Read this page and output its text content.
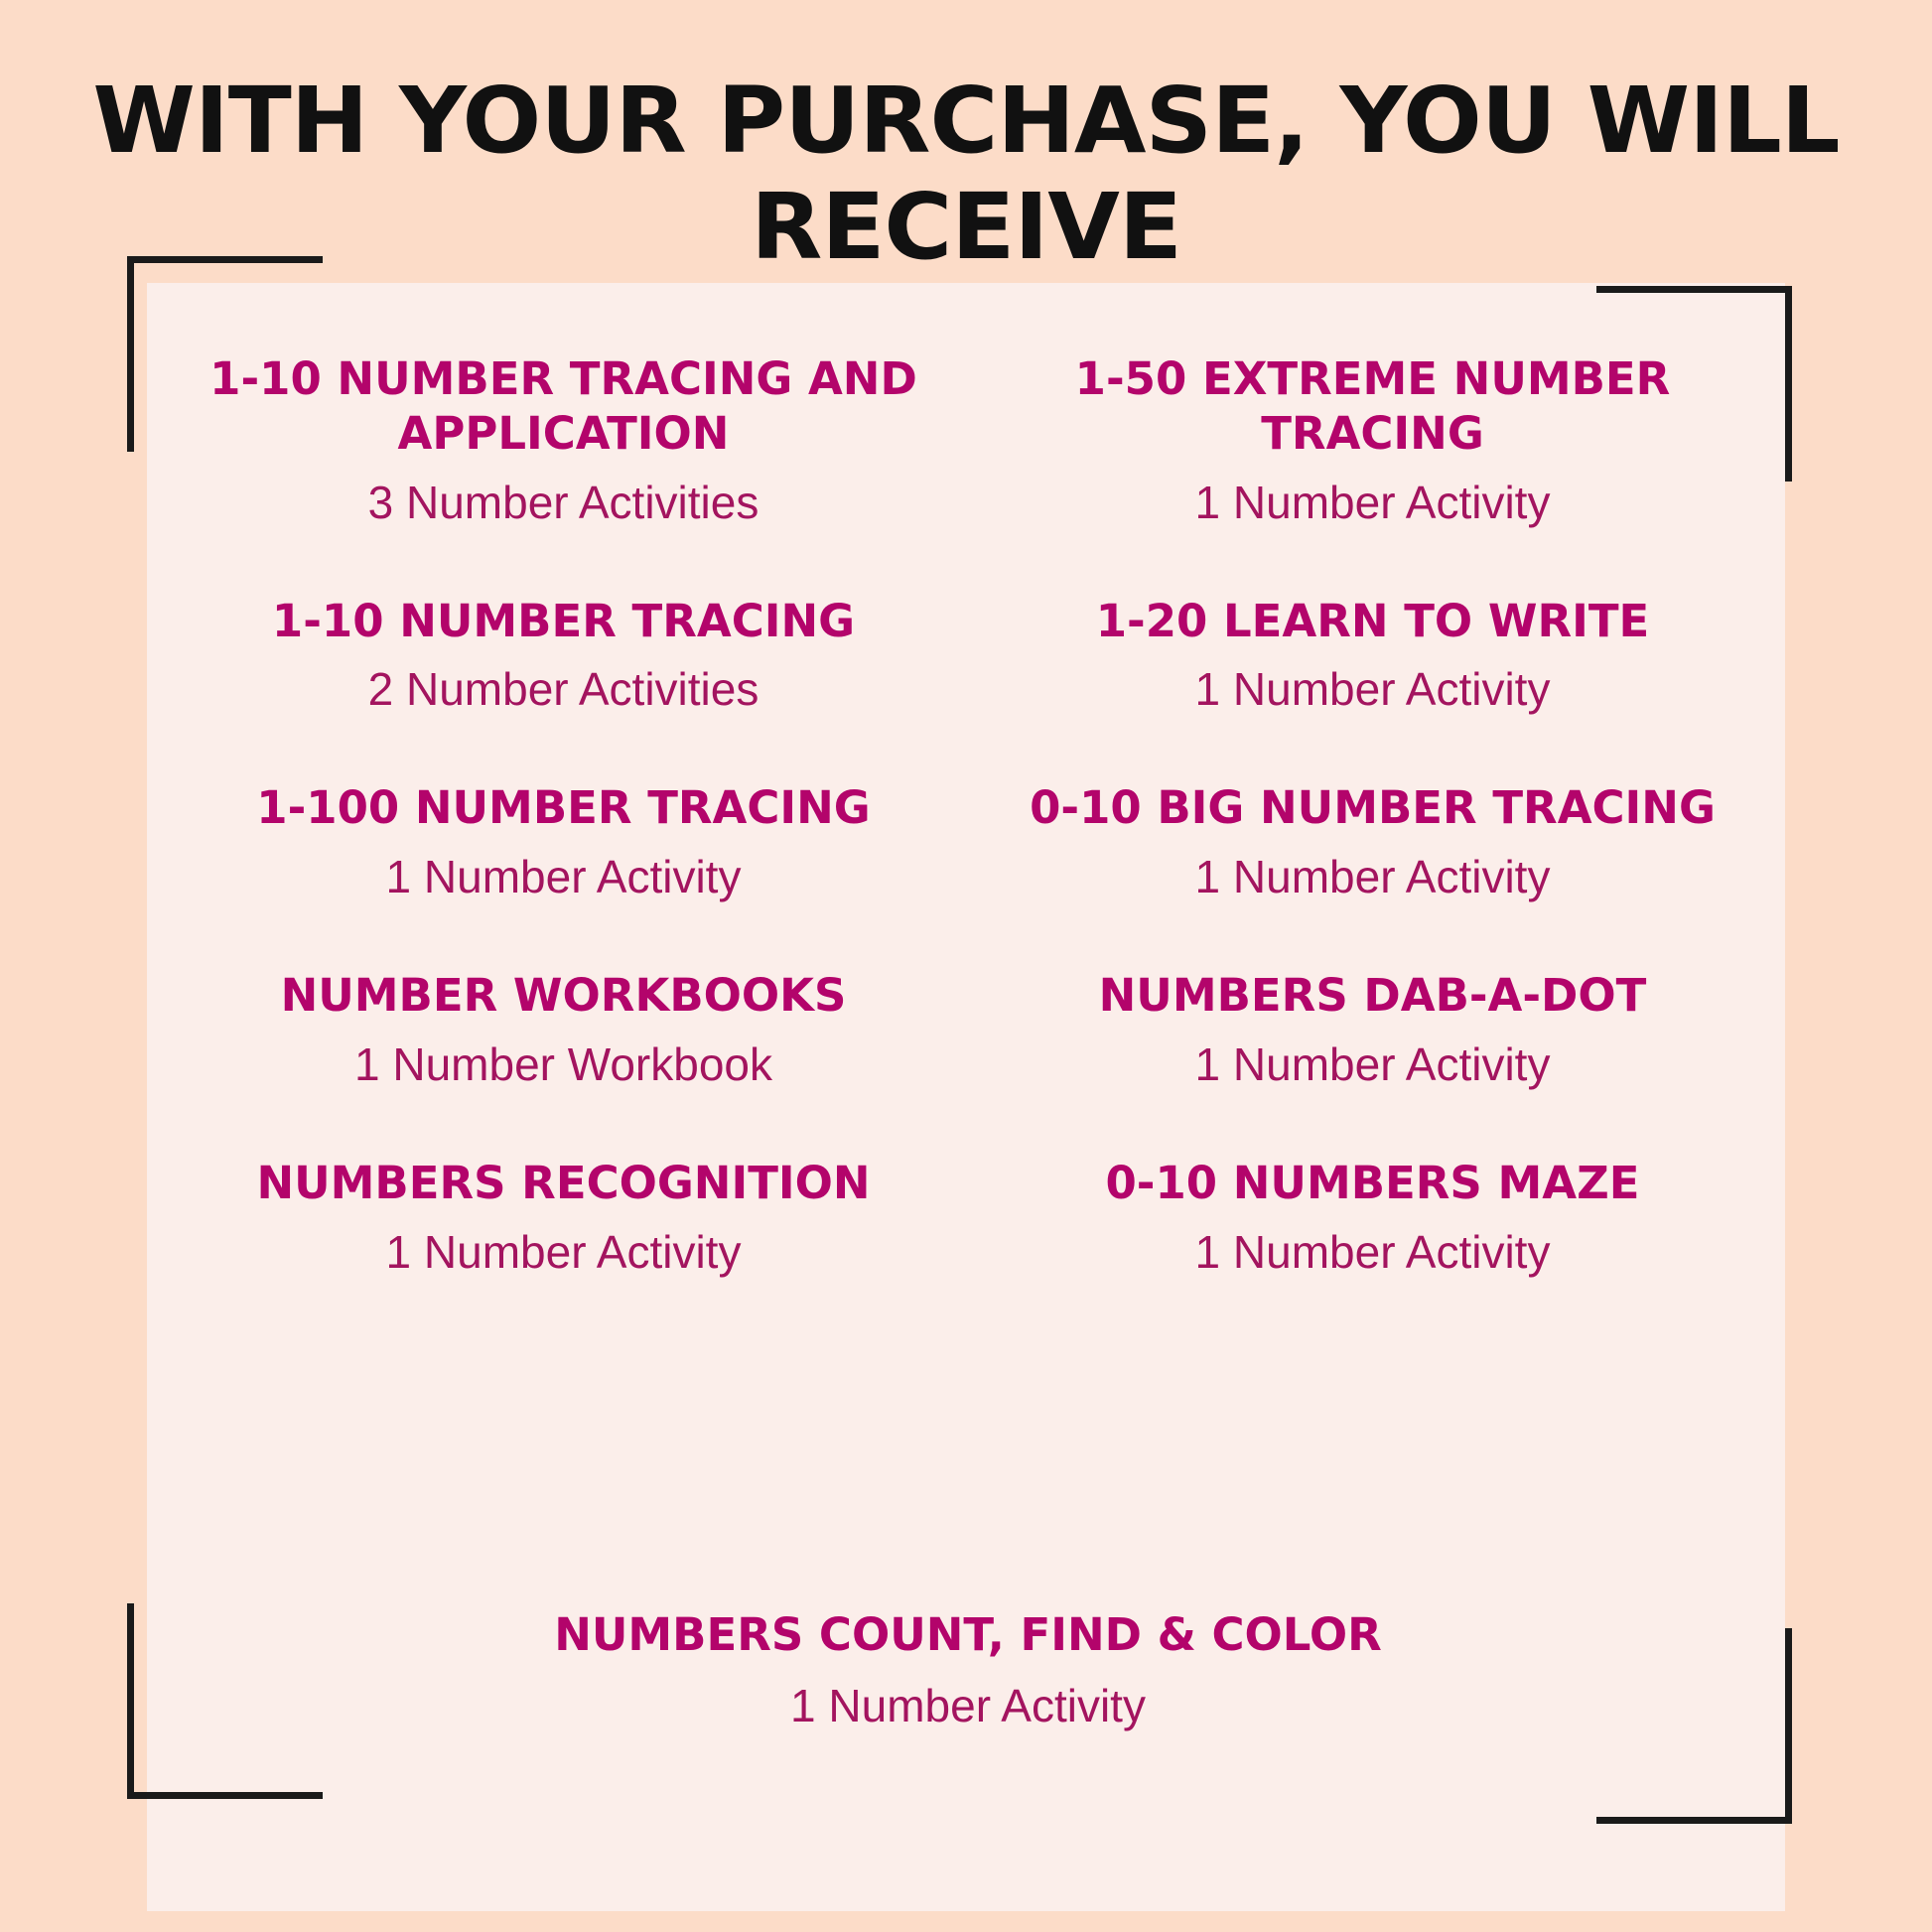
WITH YOUR PURCHASE, YOU WILL RECEIVE
1-10 NUMBER TRACING AND APPLICATION
3 Number Activities
1-50 EXTREME NUMBER TRACING
1 Number Activity
1-10 NUMBER TRACING
2 Number Activities
1-20 LEARN TO WRITE
1 Number Activity
1-100 NUMBER TRACING
1 Number Activity
0-10 BIG NUMBER TRACING
1 Number Activity
NUMBER WORKBOOKS
1 Number Workbook
NUMBERS DAB-A-DOT
1 Number Activity
NUMBERS RECOGNITION
1 Number Activity
0-10 NUMBERS MAZE
1 Number Activity
NUMBERS COUNT, FIND & COLOR
1 Number Activity
